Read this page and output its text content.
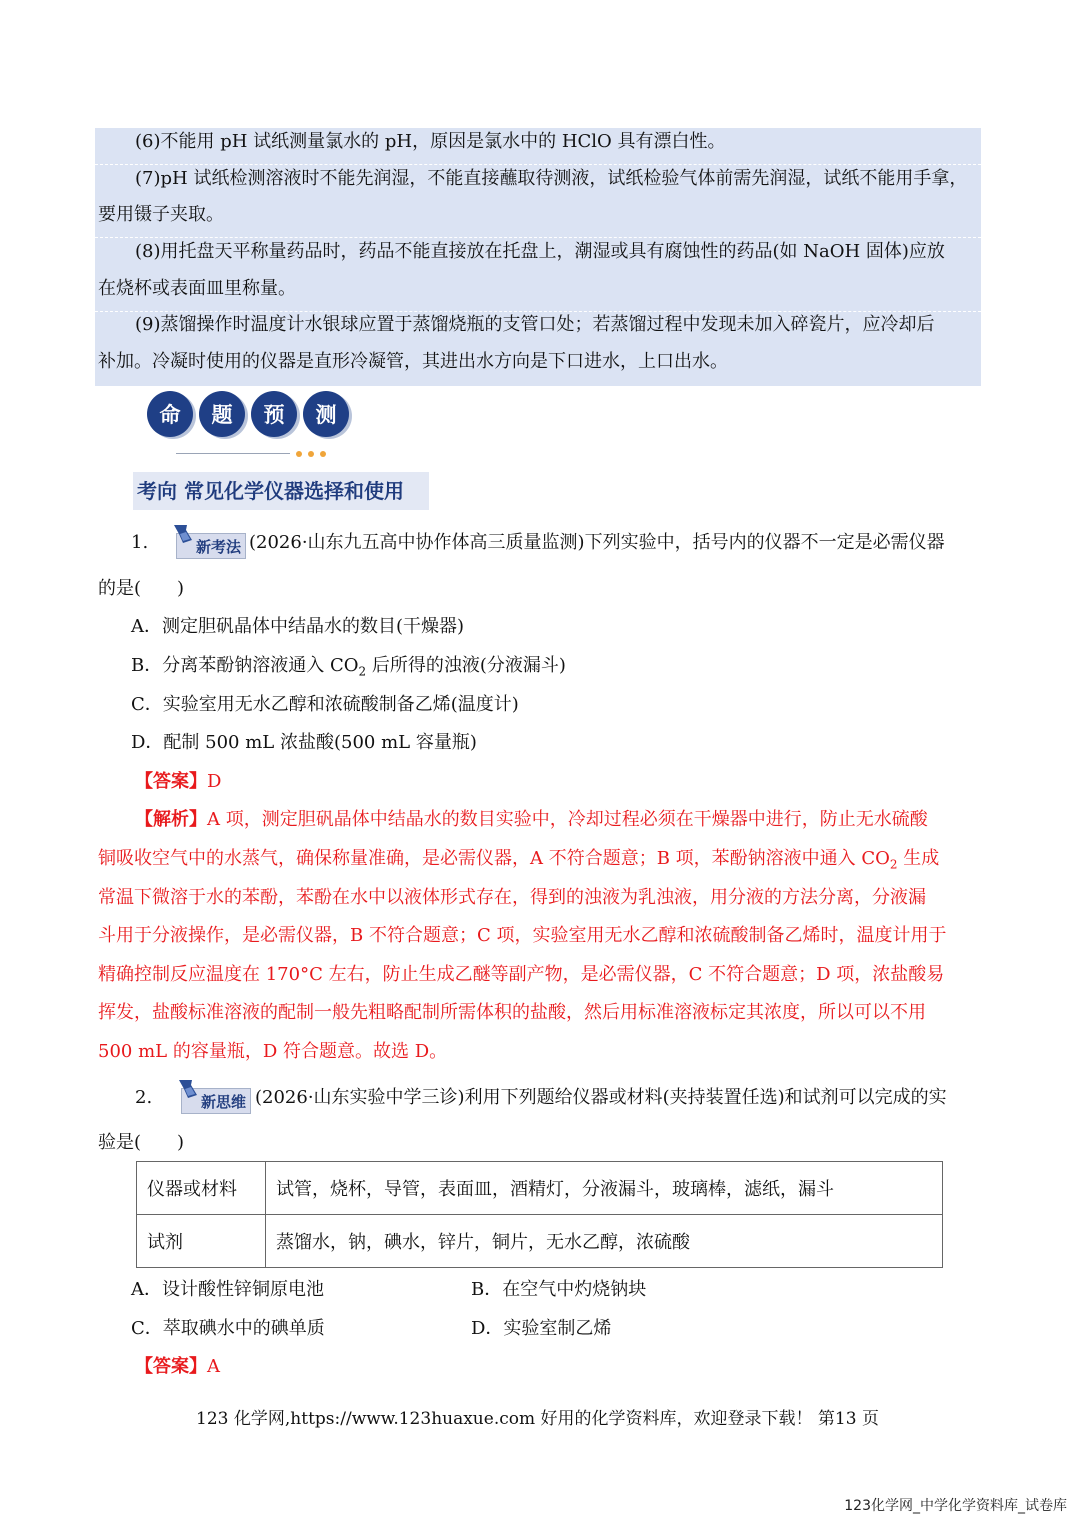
(6)不能用 pH 试纸测量氯水的 pH，原因是氯水中的 HClO 具有漂白性。
(7)pH 试纸检测溶液时不能先润湿，不能直接蘸取待测液，试纸检验气体前需先润湿，试纸不能用手拿，
要用镊子夹取。
(8)用托盘天平称量药品时，药品不能直接放在托盘上，潮湿或具有腐蚀性的药品(如 NaOH 固体)应放
在烧杯或表面皿里称量。
(9)蒸馏操作时温度计水银球应置于蒸馏烧瓶的支管口处；若蒸馏过程中发现未加入碎瓷片，应冷却后
补加。冷凝时使用的仪器是直形冷凝管，其进出水方向是下口进水，上口出水。
命	题	预	测
考向 常见化学仪器选择和使用
1.	新考法 (2026·山东九五高中协作体高三质量监测)下列实验中，括号内的仪器不一定是必需仪器
的是(　　)
A．测定胆矾晶体中结晶水的数目(干燥器)
B．分离苯酚钠溶液通入 $CO_2$ 后所得的浊液(分液漏斗)
C．实验室用无水乙醇和浓硫酸制备乙烯(温度计)
D．配制 500 mL 浓盐酸(500 mL 容量瓶)
【答案】D
【解析】A 项，测定胆矾晶体中结晶水的数目实验中，冷却过程必须在干燥器中进行，防止无水硫酸
铜吸收空气中的水蒸气，确保称量准确，是必需仪器，A 不符合题意；B 项，苯酚钠溶液中通入 $CO_2$ 生成
常温下微溶于水的苯酚，苯酚在水中以液体形式存在，得到的浊液为乳浊液，用分液的方法分离，分液漏
斗用于分液操作，是必需仪器，B 不符合题意；C 项，实验室用无水乙醇和浓硫酸制备乙烯时，温度计用于
精确控制反应温度在 170°C 左右，防止生成乙醚等副产物，是必需仪器，C 不符合题意；D 项，浓盐酸易
挥发，盐酸标准溶液的配制一般先粗略配制所需体积的盐酸，然后用标准溶液标定其浓度，所以可以不用
500 mL 的容量瓶，D 符合题意。故选 D。
2.	新思维 (2026·山东实验中学三诊)利用下列题给仪器或材料(夹持装置任选)和试剂可以完成的实
验是(　　)
仪器或材料	试管，烧杯，导管，表面皿，酒精灯，分液漏斗，玻璃棒，滤纸，漏斗
试剂	蒸馏水，钠，碘水，锌片，铜片，无水乙醇，浓硫酸
A．设计酸性锌铜原电池	B．在空气中灼烧钠块
C．萃取碘水中的碘单质	D．实验室制乙烯
【答案】A
123 化学网,https://www.123huaxue.com 好用的化学资料库，欢迎登录下载！ 第13 页
123化学网_中学化学资料库_试卷库
